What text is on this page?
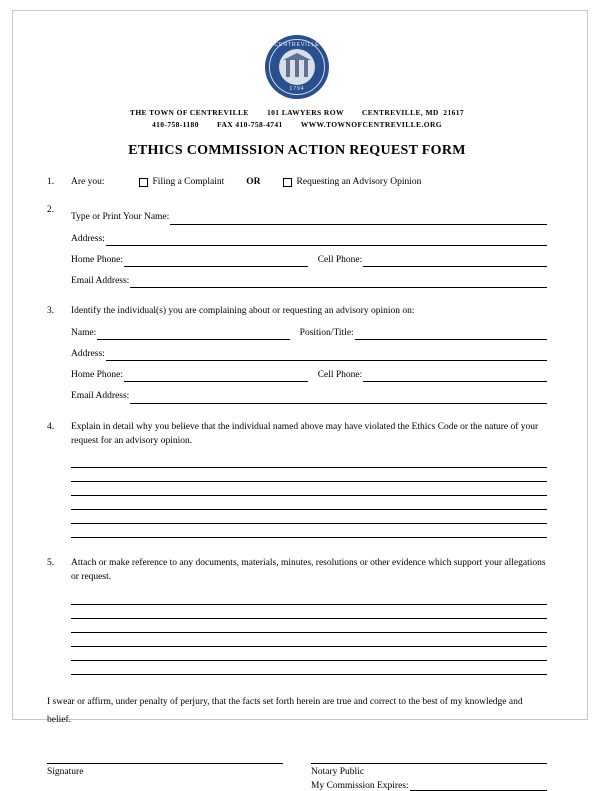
CENTREVILLE
1794
THE TOWN OF CENTREVILLE        101 LAWYERS ROW        CENTREVILLE, MD  21617
410-758-1180        FAX 410-758-4741        WWW.TOWNOFCENTREVILLE.ORG
ETHICS COMMISSION ACTION REQUEST FORM
1.	Are you:	Filing a Complaint OR	Requesting an Advisory Opinion
2.
Type or Print Your Name:
Address:
Home Phone:	Cell Phone:
Email Address:
3.	Identify the individual(s) you are complaining about or requesting an advisory opinion on:
Name:	Position/Title:
Address:
Home Phone:	Cell Phone:
Email Address:
4.	Explain in detail why you believe that the individual named above may have violated the Ethics Code or the nature of your request for an advisory opinion.
5.	Attach or make reference to any documents, materials, minutes, resolutions or other evidence which support your allegations or request.
I swear or affirm, under penalty of perjury, that the facts set forth herein are true and correct to the best of my knowledge and belief.
Signature	Notary Public
My Commission Expires:
